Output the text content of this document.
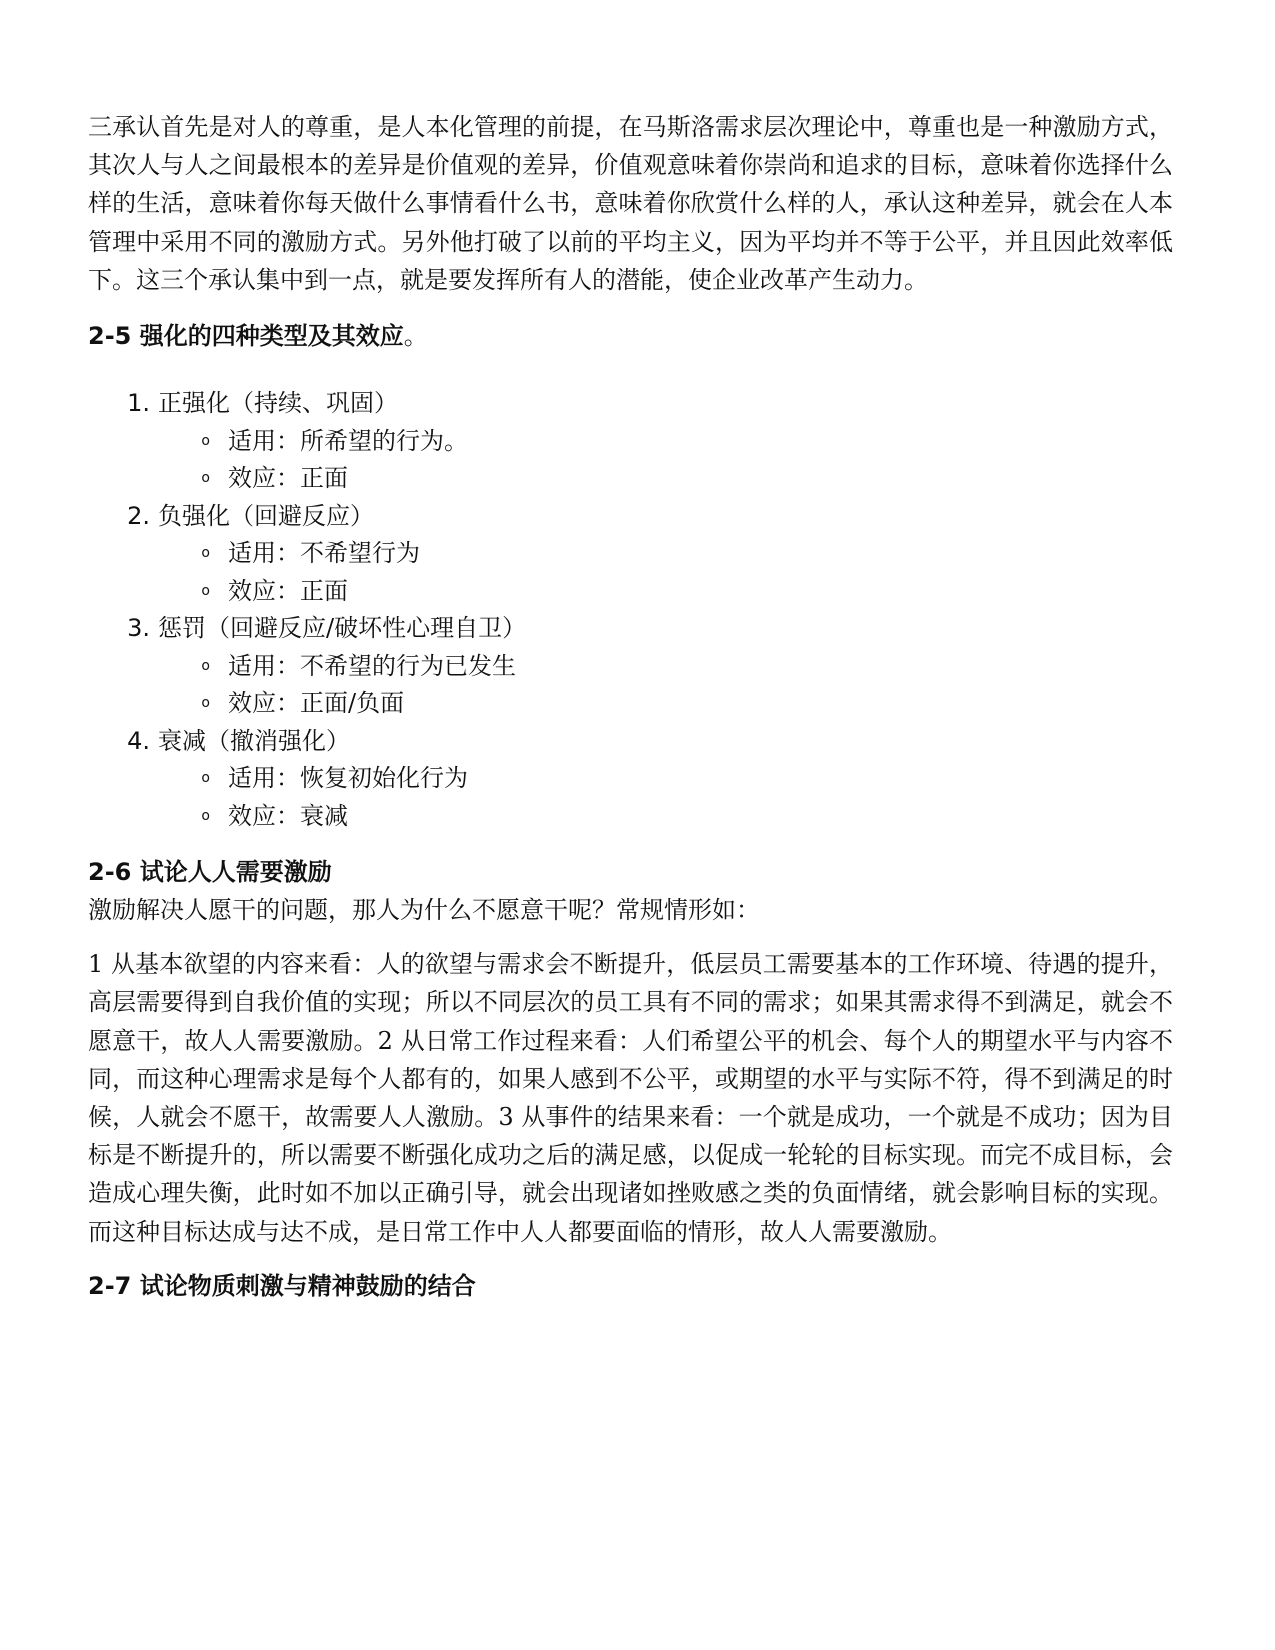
三承认首先是对人的尊重，是人本化管理的前提，在马斯洛需求层次理论中，尊重也是一种激励方式，其次人与人之间最根本的差异是价值观的差异，价值观意味着你崇尚和追求的目标，意味着你选择什么样的生活，意味着你每天做什么事情看什么书，意味着你欣赏什么样的人，承认这种差异，就会在人本管理中采用不同的激励方式。另外他打破了以前的平均主义，因为平均并不等于公平，并且因此效率低下。这三个承认集中到一点，就是要发挥所有人的潜能，使企业改革产生动力。

2-5 强化的四种类型及其效应。
1. 正强化（持续、巩固）
o 适用：所希望的行为。
o 效应：正面
2. 负强化（回避反应）
o 适用：不希望行为
o 效应：正面
3. 惩罚（回避反应/破坏性心理自卫）
o 适用：不希望的行为已发生
o 效应：正面/负面
4. 衰减（撤消强化）
o 适用：恢复初始化行为
o 效应：衰减
2-6 试论人人需要激励

激励解决人愿干的问题，那人为什么不愿意干呢？常规情形如：

1 从基本欲望的内容来看：人的欲望与需求会不断提升，低层员工需要基本的工作环境、待遇的提升，高层需要得到自我价值的实现；所以不同层次的员工具有不同的需求；如果其需求得不到满足，就会不愿意干，故人人需要激励。2 从日常工作过程来看：人们希望公平的机会、每个人的期望水平与内容不同，而这种心理需求是每个人都有的，如果人感到不公平，或期望的水平与实际不符，得不到满足的时候，人就会不愿干，故需要人人激励。3 从事件的结果来看：一个就是成功，一个就是不成功；因为目标是不断提升的，所以需要不断强化成功之后的满足感，以促成一轮轮的目标实现。而完不成目标，会造成心理失衡，此时如不加以正确引导，就会出现诸如挫败感之类的负面情绪，就会影响目标的实现。而这种目标达成与达不成，是日常工作中人人都要面临的情形，故人人需要激励。

2-7 试论物质刺激与精神鼓励的结合
